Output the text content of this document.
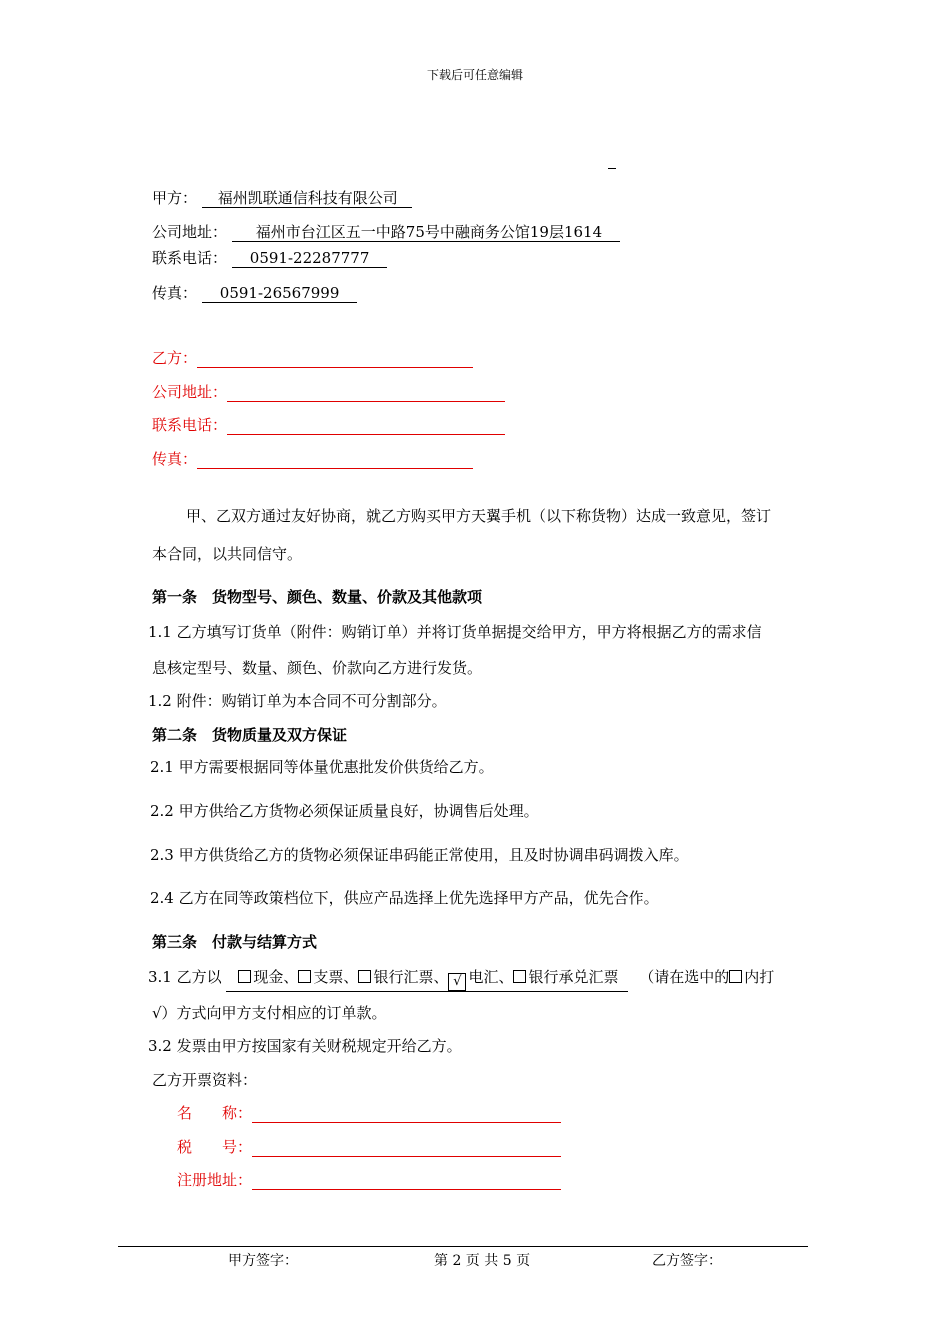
下载后可任意编辑
甲方： 福州凯联通信科技有限公司
公司地址： 福州市台江区五一中路75号中融商务公馆19层1614
联系电话： 0591-22287777
传真： 0591-26567999
乙方：
公司地址：
联系电话：
传真：
甲、乙双方通过友好协商，就乙方购买甲方天翼手机（以下称货物）达成一致意见，签订
本合同，以共同信守。
第一条　货物型号、颜色、数量、价款及其他款项
1.1 乙方填写订货单（附件：购销订单）并将订货单据提交给甲方，甲方将根据乙方的需求信
息核定型号、数量、颜色、价款向乙方进行发货。
1.2 附件：购销订单为本合同不可分割部分。
第二条　货物质量及双方保证
2.1 甲方需要根据同等体量优惠批发价供货给乙方。
2.2 甲方供给乙方货物必须保证质量良好，协调售后处理。
2.3 甲方供货给乙方的货物必须保证串码能正常使用，且及时协调串码调拨入库。
2.4 乙方在同等政策档位下，供应产品选择上优先选择甲方产品，优先合作。
第三条　付款与结算方式
3.1 乙方以 现金、 支票、 银行汇票、 √ 电汇、 银行承兑汇票 （请在选中的 内打
√）方式向甲方支付相应的订单款。
3.2 发票由甲方按国家有关财税规定开给乙方。
乙方开票资料：
名　　称：
税　　号：
注册地址：
甲方签字：	第 2 页 共 5 页	乙方签字：
